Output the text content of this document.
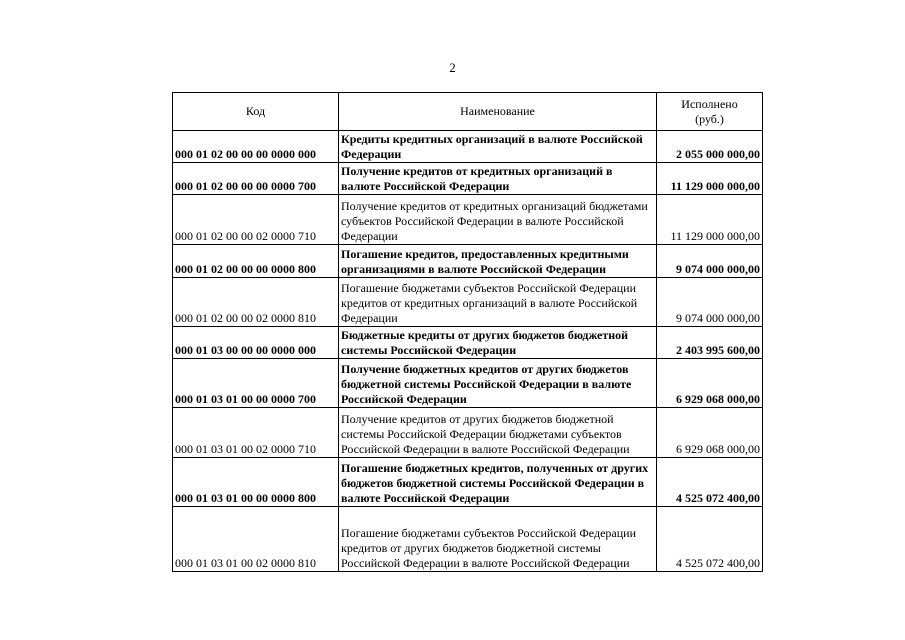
2
Код	Наименование	Исполнено
(руб.)
000 01 02 00 00 00 0000 000	Кредиты кредитных организаций в валюте Российской Федерации	2 055 000 000,00
000 01 02 00 00 00 0000 700	Получение кредитов от кредитных организаций в валюте Российской Федерации	11 129 000 000,00
000 01 02 00 00 02 0000 710	Получение кредитов от кредитных организаций бюджетами субъектов Российской Федерации в валюте Российской Федерации	11 129 000 000,00
000 01 02 00 00 00 0000 800	Погашение кредитов, предоставленных кредитными организациями в валюте Российской Федерации	9 074 000 000,00
000 01 02 00 00 02 0000 810	Погашение бюджетами субъектов Российской Федерации кредитов от кредитных организаций в валюте Российской Федерации	9 074 000 000,00
000 01 03 00 00 00 0000 000	Бюджетные кредиты от других бюджетов бюджетной системы Российской Федерации	2 403 995 600,00
000 01 03 01 00 00 0000 700	Получение бюджетных кредитов от других бюджетов бюджетной системы Российской Федерации в валюте Российской Федерации	6 929 068 000,00
000 01 03 01 00 02 0000 710	Получение кредитов от других бюджетов бюджетной системы Российской Федерации бюджетами субъектов Российской Федерации в валюте Российской Федерации	6 929 068 000,00
000 01 03 01 00 00 0000 800	Погашение бюджетных кредитов, полученных от других бюджетов бюджетной системы Российской Федерации в валюте Российской Федерации	4 525 072 400,00
000 01 03 01 00 02 0000 810	Погашение бюджетами субъектов Российской Федерации кредитов от других бюджетов бюджетной системы Российской Федерации в валюте Российской Федерации	4 525 072 400,00
